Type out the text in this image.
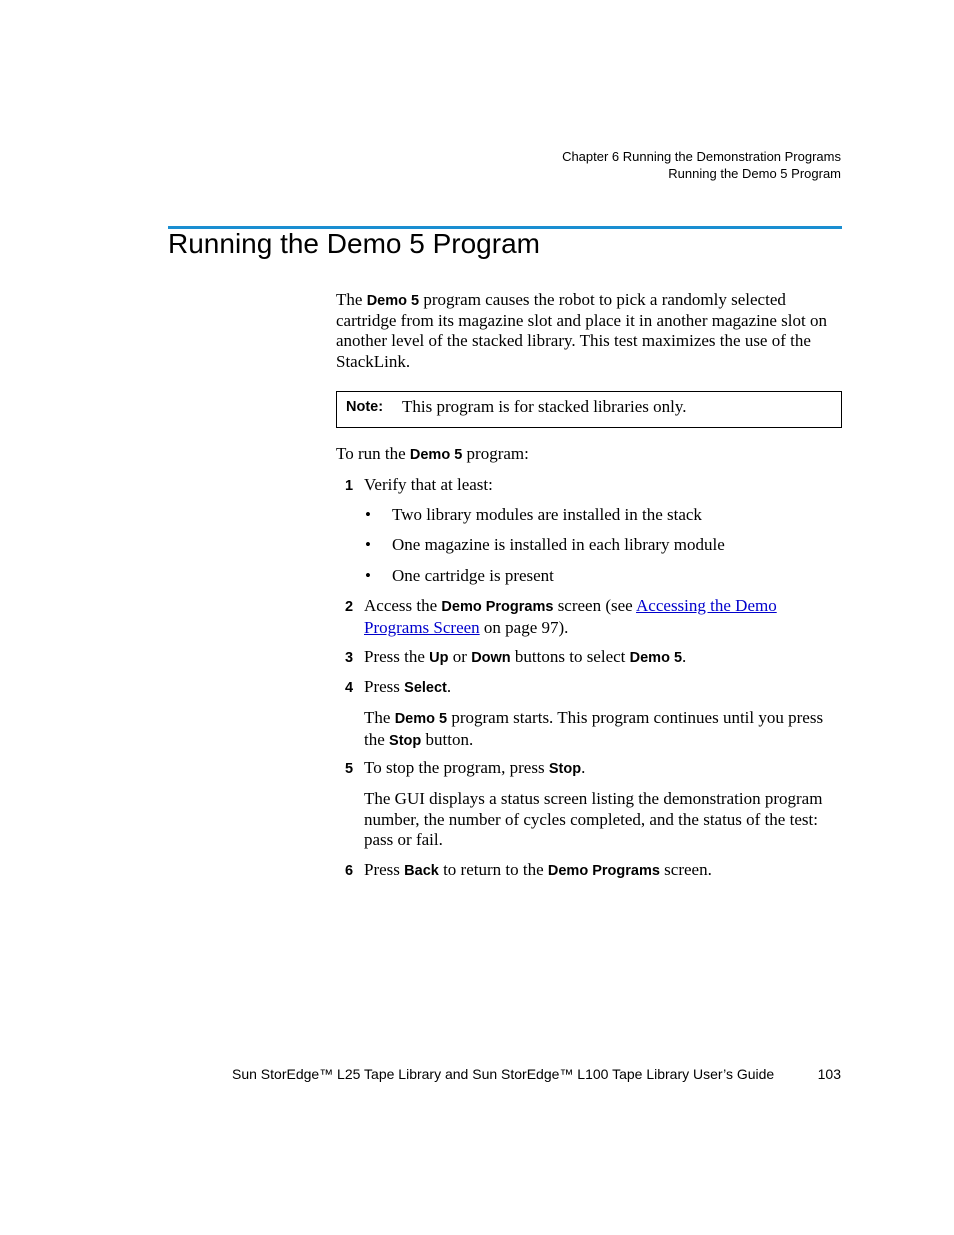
Chapter 6 Running the Demonstration Programs
Running the Demo 5 Program
Running the Demo 5 Program

The Demo 5 program causes the robot to pick a randomly selected cartridge from its magazine slot and place it in another magazine slot on another level of the stacked library. This test maximizes the use of the StackLink.

Note: This program is for stacked libraries only.
To run the Demo 5 program:
1 Verify that at least:
• Two library modules are installed in the stack
• One magazine is installed in each library module
• One cartridge is present
2 Access the Demo Programs screen (see Accessing the Demo Programs Screen on page 97).
3 Press the Up or Down buttons to select Demo 5.
4 Press Select.
The Demo 5 program starts. This program continues until you press the Stop button.
5 To stop the program, press Stop.
The GUI displays a status screen listing the demonstration program number, the number of cycles completed, and the status of the test: pass or fail.
6 Press Back to return to the Demo Programs screen.
Sun StorEdge™ L25 Tape Library and Sun StorEdge™ L100 Tape Library User’s Guide	103
